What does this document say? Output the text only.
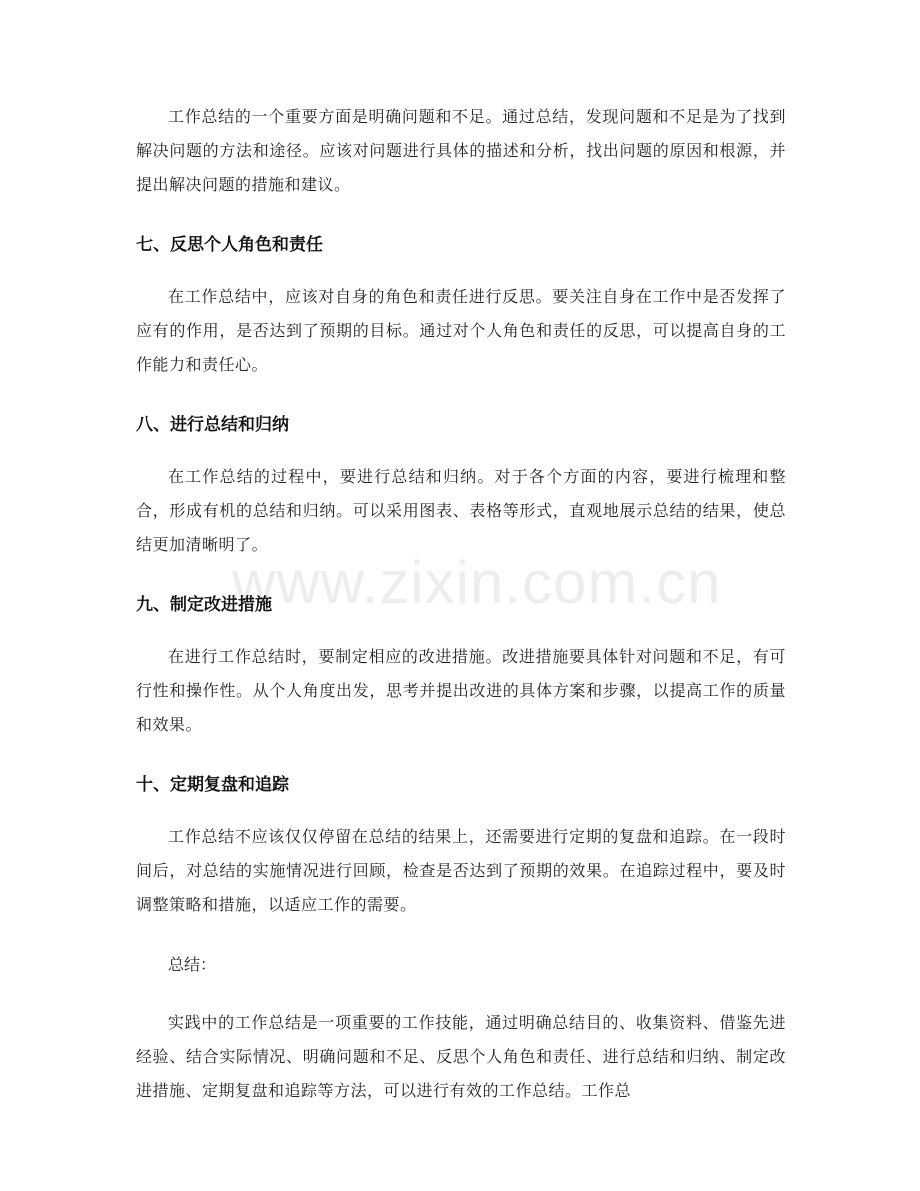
工作总结的一个重要方面是明确问题和不足。通过总结，发现问题和不足是为了找到解决问题的方法和途径。应该对问题进行具体的描述和分析，找出问题的原因和根源，并提出解决问题的措施和建议。

七、反思个人角色和责任

在工作总结中，应该对自身的角色和责任进行反思。要关注自身在工作中是否发挥了应有的作用，是否达到了预期的目标。通过对个人角色和责任的反思，可以提高自身的工作能力和责任心。

八、进行总结和归纳

在工作总结的过程中，要进行总结和归纳。对于各个方面的内容，要进行梳理和整合，形成有机的总结和归纳。可以采用图表、表格等形式，直观地展示总结的结果，使总结更加清晰明了。

九、制定改进措施

在进行工作总结时，要制定相应的改进措施。改进措施要具体针对问题和不足，有可行性和操作性。从个人角度出发，思考并提出改进的具体方案和步骤，以提高工作的质量和效果。

十、定期复盘和追踪

工作总结不应该仅仅停留在总结的结果上，还需要进行定期的复盘和追踪。在一段时间后，对总结的实施情况进行回顾，检查是否达到了预期的效果。在追踪过程中，要及时调整策略和措施，以适应工作的需要。

总结：

实践中的工作总结是一项重要的工作技能，通过明确总结目的、收集资料、借鉴先进经验、结合实际情况、明确问题和不足、反思个人角色和责任、进行总结和归纳、制定改进措施、定期复盘和追踪等方法，可以进行有效的工作总结。工作总

www.zixin.com.cn
